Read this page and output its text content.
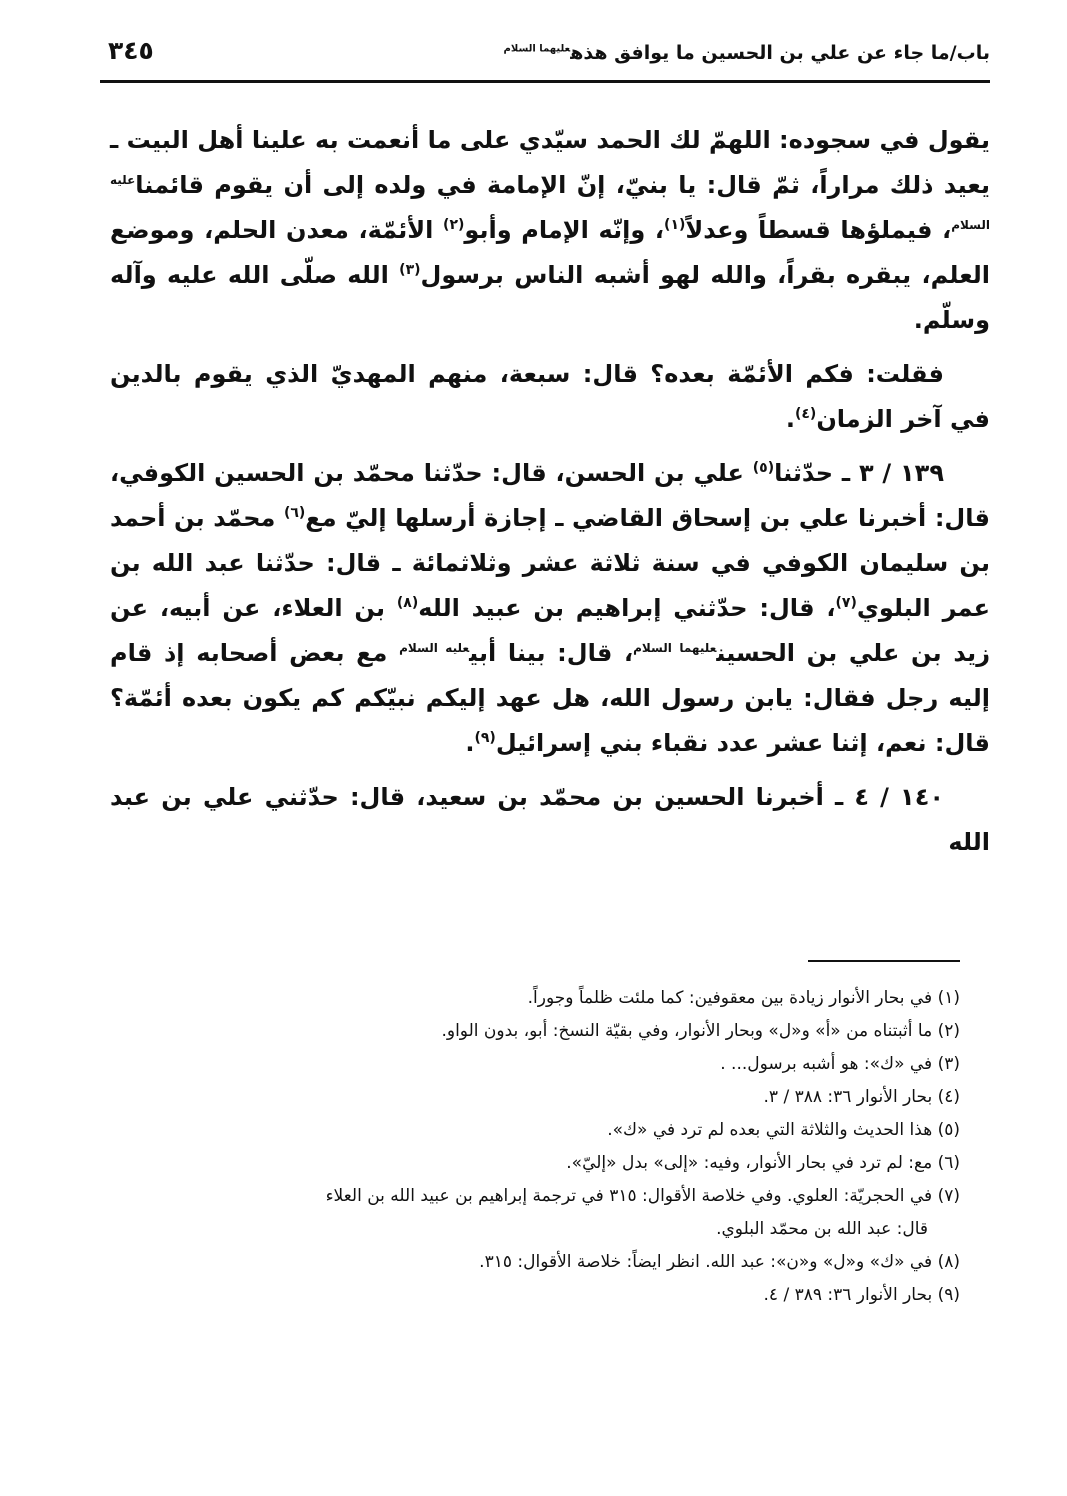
باب/ما جاء عن علي بن الحسين ما يوافق هذه$^{عليهما السلام}$
٣٤٥

يقول في سجوده: اللهمّ لك الحمد سيّدي على ما أنعمت به علينا أهل البيت ـ يعيد ذلك مراراً، ثمّ قال: يا بنيّ، إنّ الإمامة في ولده إلى أن يقوم قائمنا$^{عليه السلام}$، فيملؤها قسطاً وعدلاً$^{(١)}$، وإنّه الإمام وأبو$^{(٢)}$ الأئمّة، معدن الحلم، وموضع العلم، يبقره بقراً، والله لهو أشبه الناس برسول$^{(٣)}$ الله صلّى الله عليه وآله وسلّم.

فقلت: فكم الأئمّة بعده؟ قال: سبعة، منهم المهديّ الذي يقوم بالدين في آخر الزمان$^{(٤)}$.

١٣٩ / ٣ ـ حدّثنا$^{(٥)}$ علي بن الحسن، قال: حدّثنا محمّد بن الحسين الكوفي، قال: أخبرنا علي بن إسحاق القاضي ـ إجازة أرسلها إليّ مع$^{(٦)}$ محمّد بن أحمد بن سليمان الكوفي في سنة ثلاثة عشر وثلاثمائة ـ قال: حدّثنا عبد الله بن عمر البلوي$^{(٧)}$، قال: حدّثني إبراهيم بن عبيد الله$^{(٨)}$ بن العلاء، عن أبيه، عن زيد بن علي بن الحسين$^{عليهما السلام}$، قال: بينا أبي$^{عليه السلام}$ مع بعض أصحابه إذ قام إليه رجل فقال: يابن رسول الله، هل عهد إليكم نبيّكم كم يكون بعده أئمّة؟ قال: نعم، إثنا عشر عدد نقباء بني إسرائيل$^{(٩)}$.

١٤٠ / ٤ ـ أخبرنا الحسين بن محمّد بن سعيد، قال: حدّثني علي بن عبد الله

(١) في بحار الأنوار زيادة بين معقوفين: كما ملئت ظلماً وجوراً.

(٢) ما أثبتناه من «أ» و«ل» وبحار الأنوار، وفي بقيّة النسخ: أبو، بدون الواو.

(٣) في «ك»: هو أشبه برسول... .

(٤) بحار الأنوار ٣٦: ٣٨٨ / ٣.

(٥) هذا الحديث والثلاثة التي بعده لم ترد في «ك».

(٦) مع: لم ترد في بحار الأنوار، وفيه: «إلى» بدل «إليّ».

(٧) في الحجريّة: العلوي. وفي خلاصة الأقوال: ٣١٥ في ترجمة إبراهيم بن عبيد الله بن العلاء

قال: عبد الله بن محمّد البلوي.

(٨) في «ك» و«ل» و«ن»: عبد الله. انظر ايضاً: خلاصة الأقوال: ٣١٥.

(٩) بحار الأنوار ٣٦: ٣٨٩ / ٤.
